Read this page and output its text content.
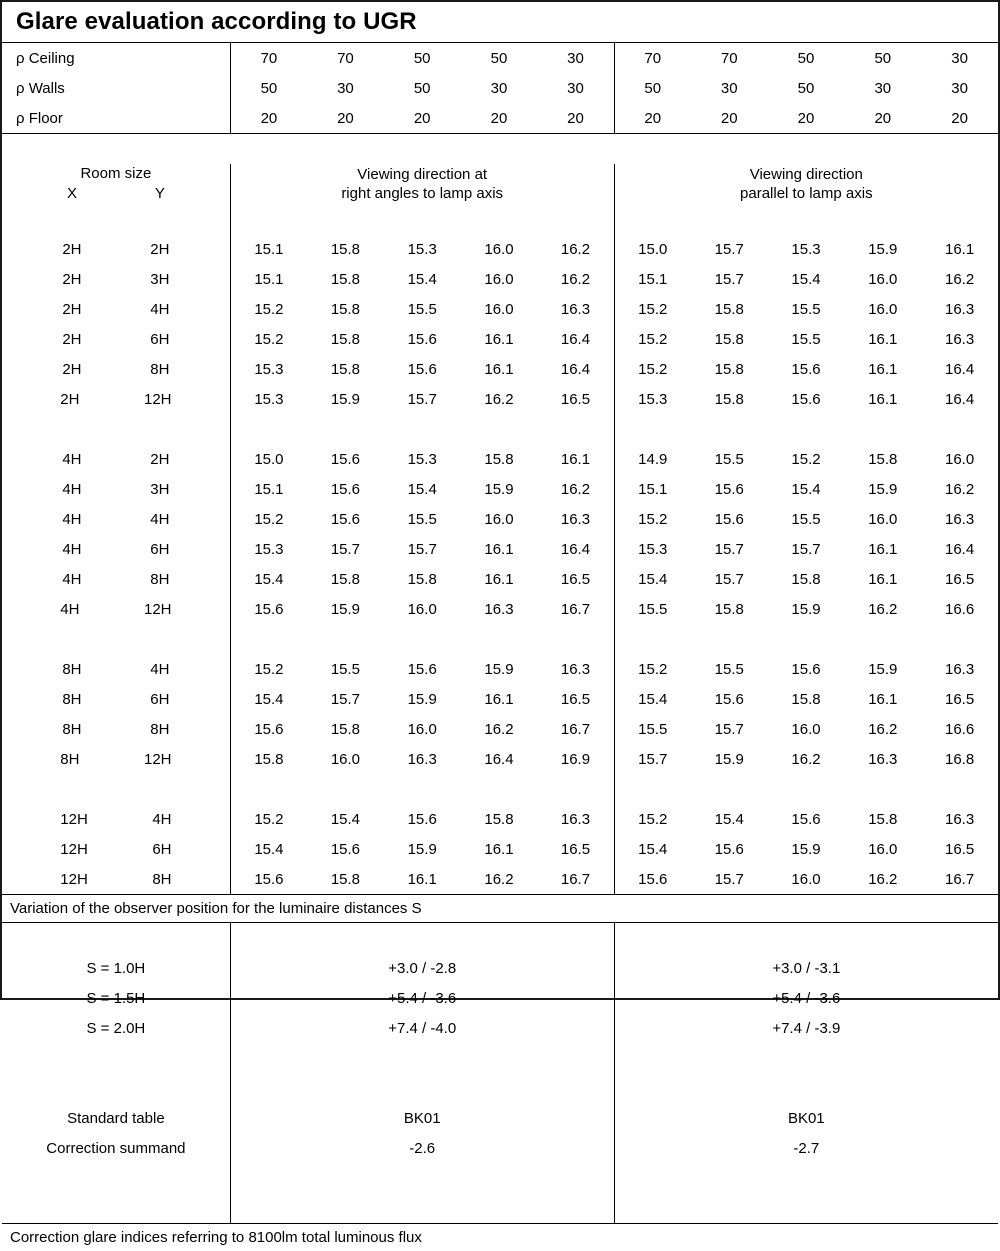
Glare evaluation according to UGR
ρ Ceiling	70	70	50	50	30	70	70	50	50	30
ρ Walls	50	30	50	30	30	50	30	50	30	30
ρ Floor	20	20	20	20	20	20	20	20	20	20

Room size
X	Y

Viewing direction at
right angles to lamp axis

Viewing direction
parallel to lamp axis

2H 2H	15.1	15.8	15.3	16.0	16.2	15.0	15.7	15.3	15.9	16.1

2H 3H	15.1	15.8	15.4	16.0	16.2	15.1	15.7	15.4	16.0	16.2

2H 4H	15.2	15.8	15.5	16.0	16.3	15.2	15.8	15.5	16.0	16.3

2H 6H	15.2	15.8	15.6	16.1	16.4	15.2	15.8	15.5	16.1	16.3

2H 8H	15.3	15.8	15.6	16.1	16.4	15.2	15.8	15.6	16.1	16.4

2H 12H	15.3	15.9	15.7	16.2	16.5	15.3	15.8	15.6	16.1	16.4

4H 2H	15.0	15.6	15.3	15.8	16.1	14.9	15.5	15.2	15.8	16.0

4H 3H	15.1	15.6	15.4	15.9	16.2	15.1	15.6	15.4	15.9	16.2

4H 4H	15.2	15.6	15.5	16.0	16.3	15.2	15.6	15.5	16.0	16.3

4H 6H	15.3	15.7	15.7	16.1	16.4	15.3	15.7	15.7	16.1	16.4

4H 8H	15.4	15.8	15.8	16.1	16.5	15.4	15.7	15.8	16.1	16.5

4H 12H	15.6	15.9	16.0	16.3	16.7	15.5	15.8	15.9	16.2	16.6

8H 4H	15.2	15.5	15.6	15.9	16.3	15.2	15.5	15.6	15.9	16.3

8H 6H	15.4	15.7	15.9	16.1	16.5	15.4	15.6	15.8	16.1	16.5

8H 8H	15.6	15.8	16.0	16.2	16.7	15.5	15.7	16.0	16.2	16.6

8H 12H	15.8	16.0	16.3	16.4	16.9	15.7	15.9	16.2	16.3	16.8

12H 4H	15.2	15.4	15.6	15.8	16.3	15.2	15.4	15.6	15.8	16.3

12H 6H	15.4	15.6	15.9	16.1	16.5	15.4	15.6	15.9	16.0	16.5

12H 8H	15.6	15.8	16.1	16.2	16.7	15.6	15.7	16.0	16.2	16.7
Variation of the observer position for the luminaire distances S

S = 1.0H	+3.0 / -2.8	+3.0 / -3.1
S = 1.5H	+5.4 / -3.6	+5.4 / -3.6
S = 2.0H	+7.4 / -4.0	+7.4 / -3.9

Standard table	BK01	BK01
Correction summand	-2.6	-2.7

Correction glare indices referring to 8100lm total luminous flux
